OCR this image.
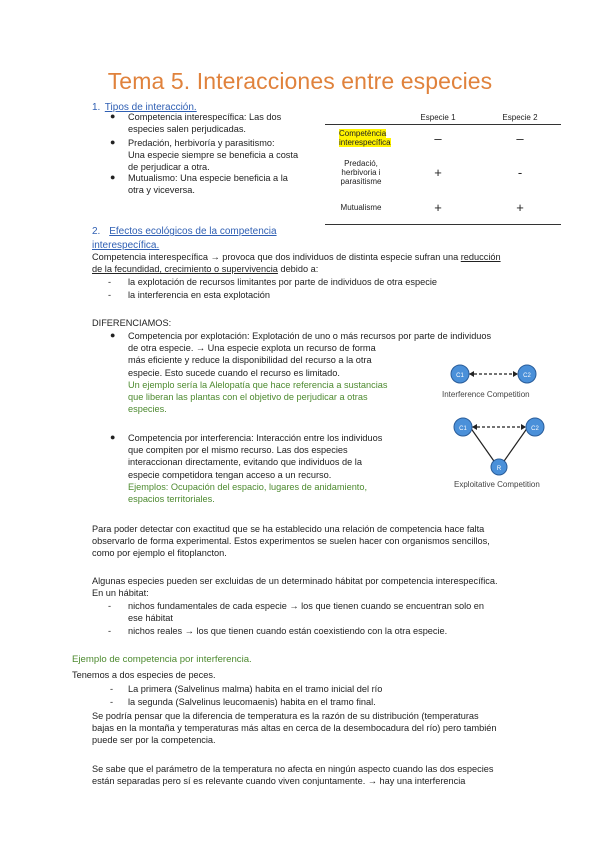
Tema 5. Interacciones entre especies
1. Tipos de interacción.
● Competencia interespecífica: Las dos
especies salen perjudicadas.
● Predación, herbivoría y parasitismo:
Una especie siempre se beneficia a costa
de perjudicar a otra.
● Mutualismo: Una especie beneficia a la
otra y viceversa.
	Especie 1	Especie 2
Competència
interespecífica	–	–

Predació,
herbivoria i
parasitisme	+	-
Mutualisme	+	+
2. Efectos ecológicos de la competencia
interespecífica.
Competencia interespecífica → provoca que dos individuos de distinta especie sufran una reducción
de la fecundidad, crecimiento o supervivencia debido a:
- la explotación de recursos limitantes por parte de individuos de otra especie
- la interferencia en esta explotación
DIFERENCIAMOS:
● Competencia por explotación: Explotación de uno o más recursos por parte de individuos
de otra especie. → Una especie explota un recurso de forma
más eficiente y reduce la disponibilidad del recurso a la otra
especie. Esto sucede cuando el recurso es limitado.
Un ejemplo sería la Alelopatía que hace referencia a sustancias
que liberan las plantas con el objetivo de perjudicar a otras
especies.
● Competencia por interferencia: Interacción entre los individuos
que compiten por el mismo recurso. Las dos especies
interaccionan directamente, evitando que individuos de la
especie competidora tengan acceso a un recurso.
Ejemplos: Ocupación del espacio, lugares de anidamiento,
espacios territoriales.
C1	C2
Interference Competition
C1	C2
R
Exploitative Competition
Para poder detectar con exactitud que se ha establecido una relación de competencia hace falta
observarlo de forma experimental. Estos experimentos se suelen hacer con organismos sencillos,
como por ejemplo el fitoplancton.
Algunas especies pueden ser excluidas de un determinado hábitat por competencia interespecífica.
En un hábitat:
- nichos fundamentales de cada especie → los que tienen cuando se encuentran solo en
ese hábitat
- nichos reales → los que tienen cuando están coexistiendo con la otra especie.
Ejemplo de competencia por interferencia.
Tenemos a dos especies de peces.
- La primera (Salvelinus malma) habita en el tramo inicial del río
- la segunda (Salvelinus leucomaenis) habita en el tramo final.
Se podría pensar que la diferencia de temperatura es la razón de su distribución (temperaturas
bajas en la montaña y temperaturas más altas en cerca de la desembocadura del río) pero también
puede ser por la competencia.
Se sabe que el parámetro de la temperatura no afecta en ningún aspecto cuando las dos especies
están separadas pero sí es relevante cuando viven conjuntamente. → hay una interferencia
